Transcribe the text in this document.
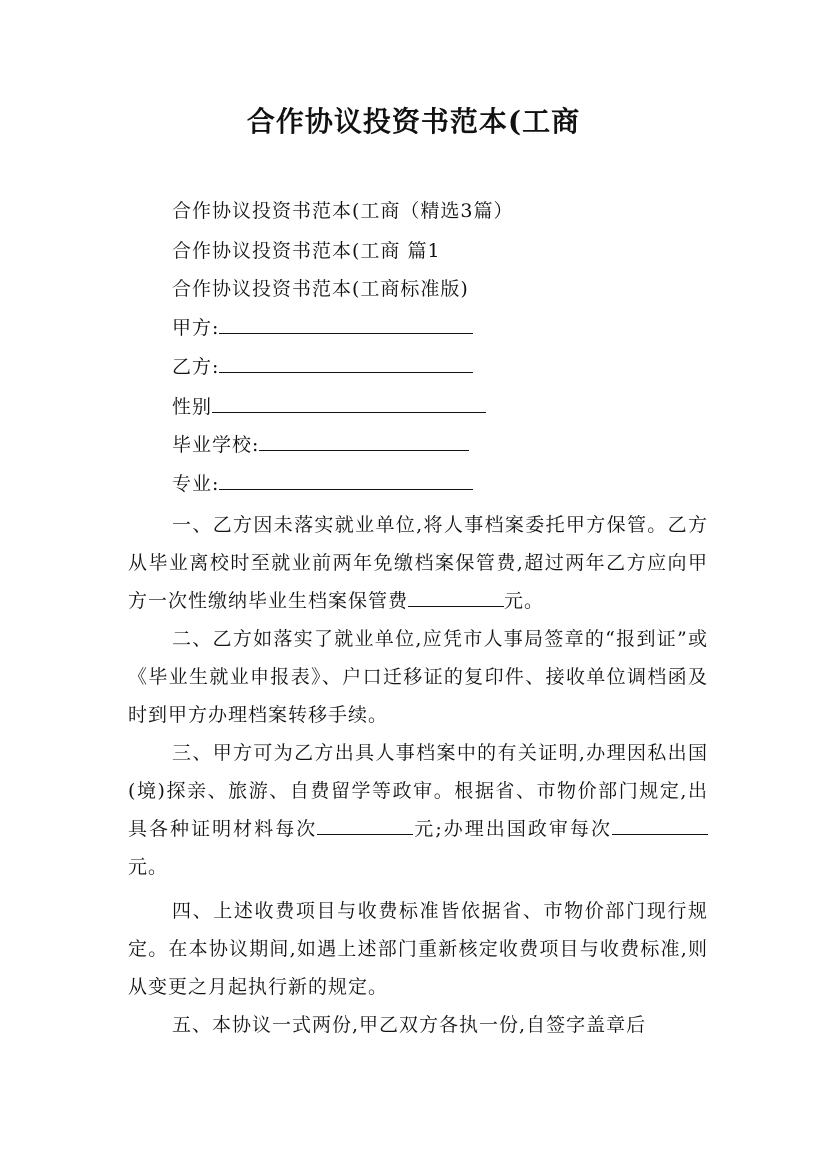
合作协议投资书范本(工商
合作协议投资书范本(工商（精选3篇）
合作协议投资书范本(工商 篇1
合作协议投资书范本(工商标准版)
甲方:
乙方:
性别
毕业学校:
专业:
一、乙方因未落实就业单位,将人事档案委托甲方保管。乙方从毕业离校时至就业前两年免缴档案保管费,超过两年乙方应向甲方一次性缴纳毕业生档案保管费	元。
二、乙方如落实了就业单位,应凭市人事局签章的“报到证”或《毕业生就业申报表》、户口迁移证的复印件、接收单位调档函及时到甲方办理档案转移手续。
三、甲方可为乙方出具人事档案中的有关证明,办理因私出国(境)探亲、旅游、自费留学等政审。根据省、市物价部门规定,出具各种证明材料每次	元;办理出国政审每次元。
四、上述收费项目与收费标准皆依据省、市物价部门现行规定。在本协议期间,如遇上述部门重新核定收费项目与收费标准,则从变更之月起执行新的规定。
五、本协议一式两份,甲乙双方各执一份,自签字盖章后
